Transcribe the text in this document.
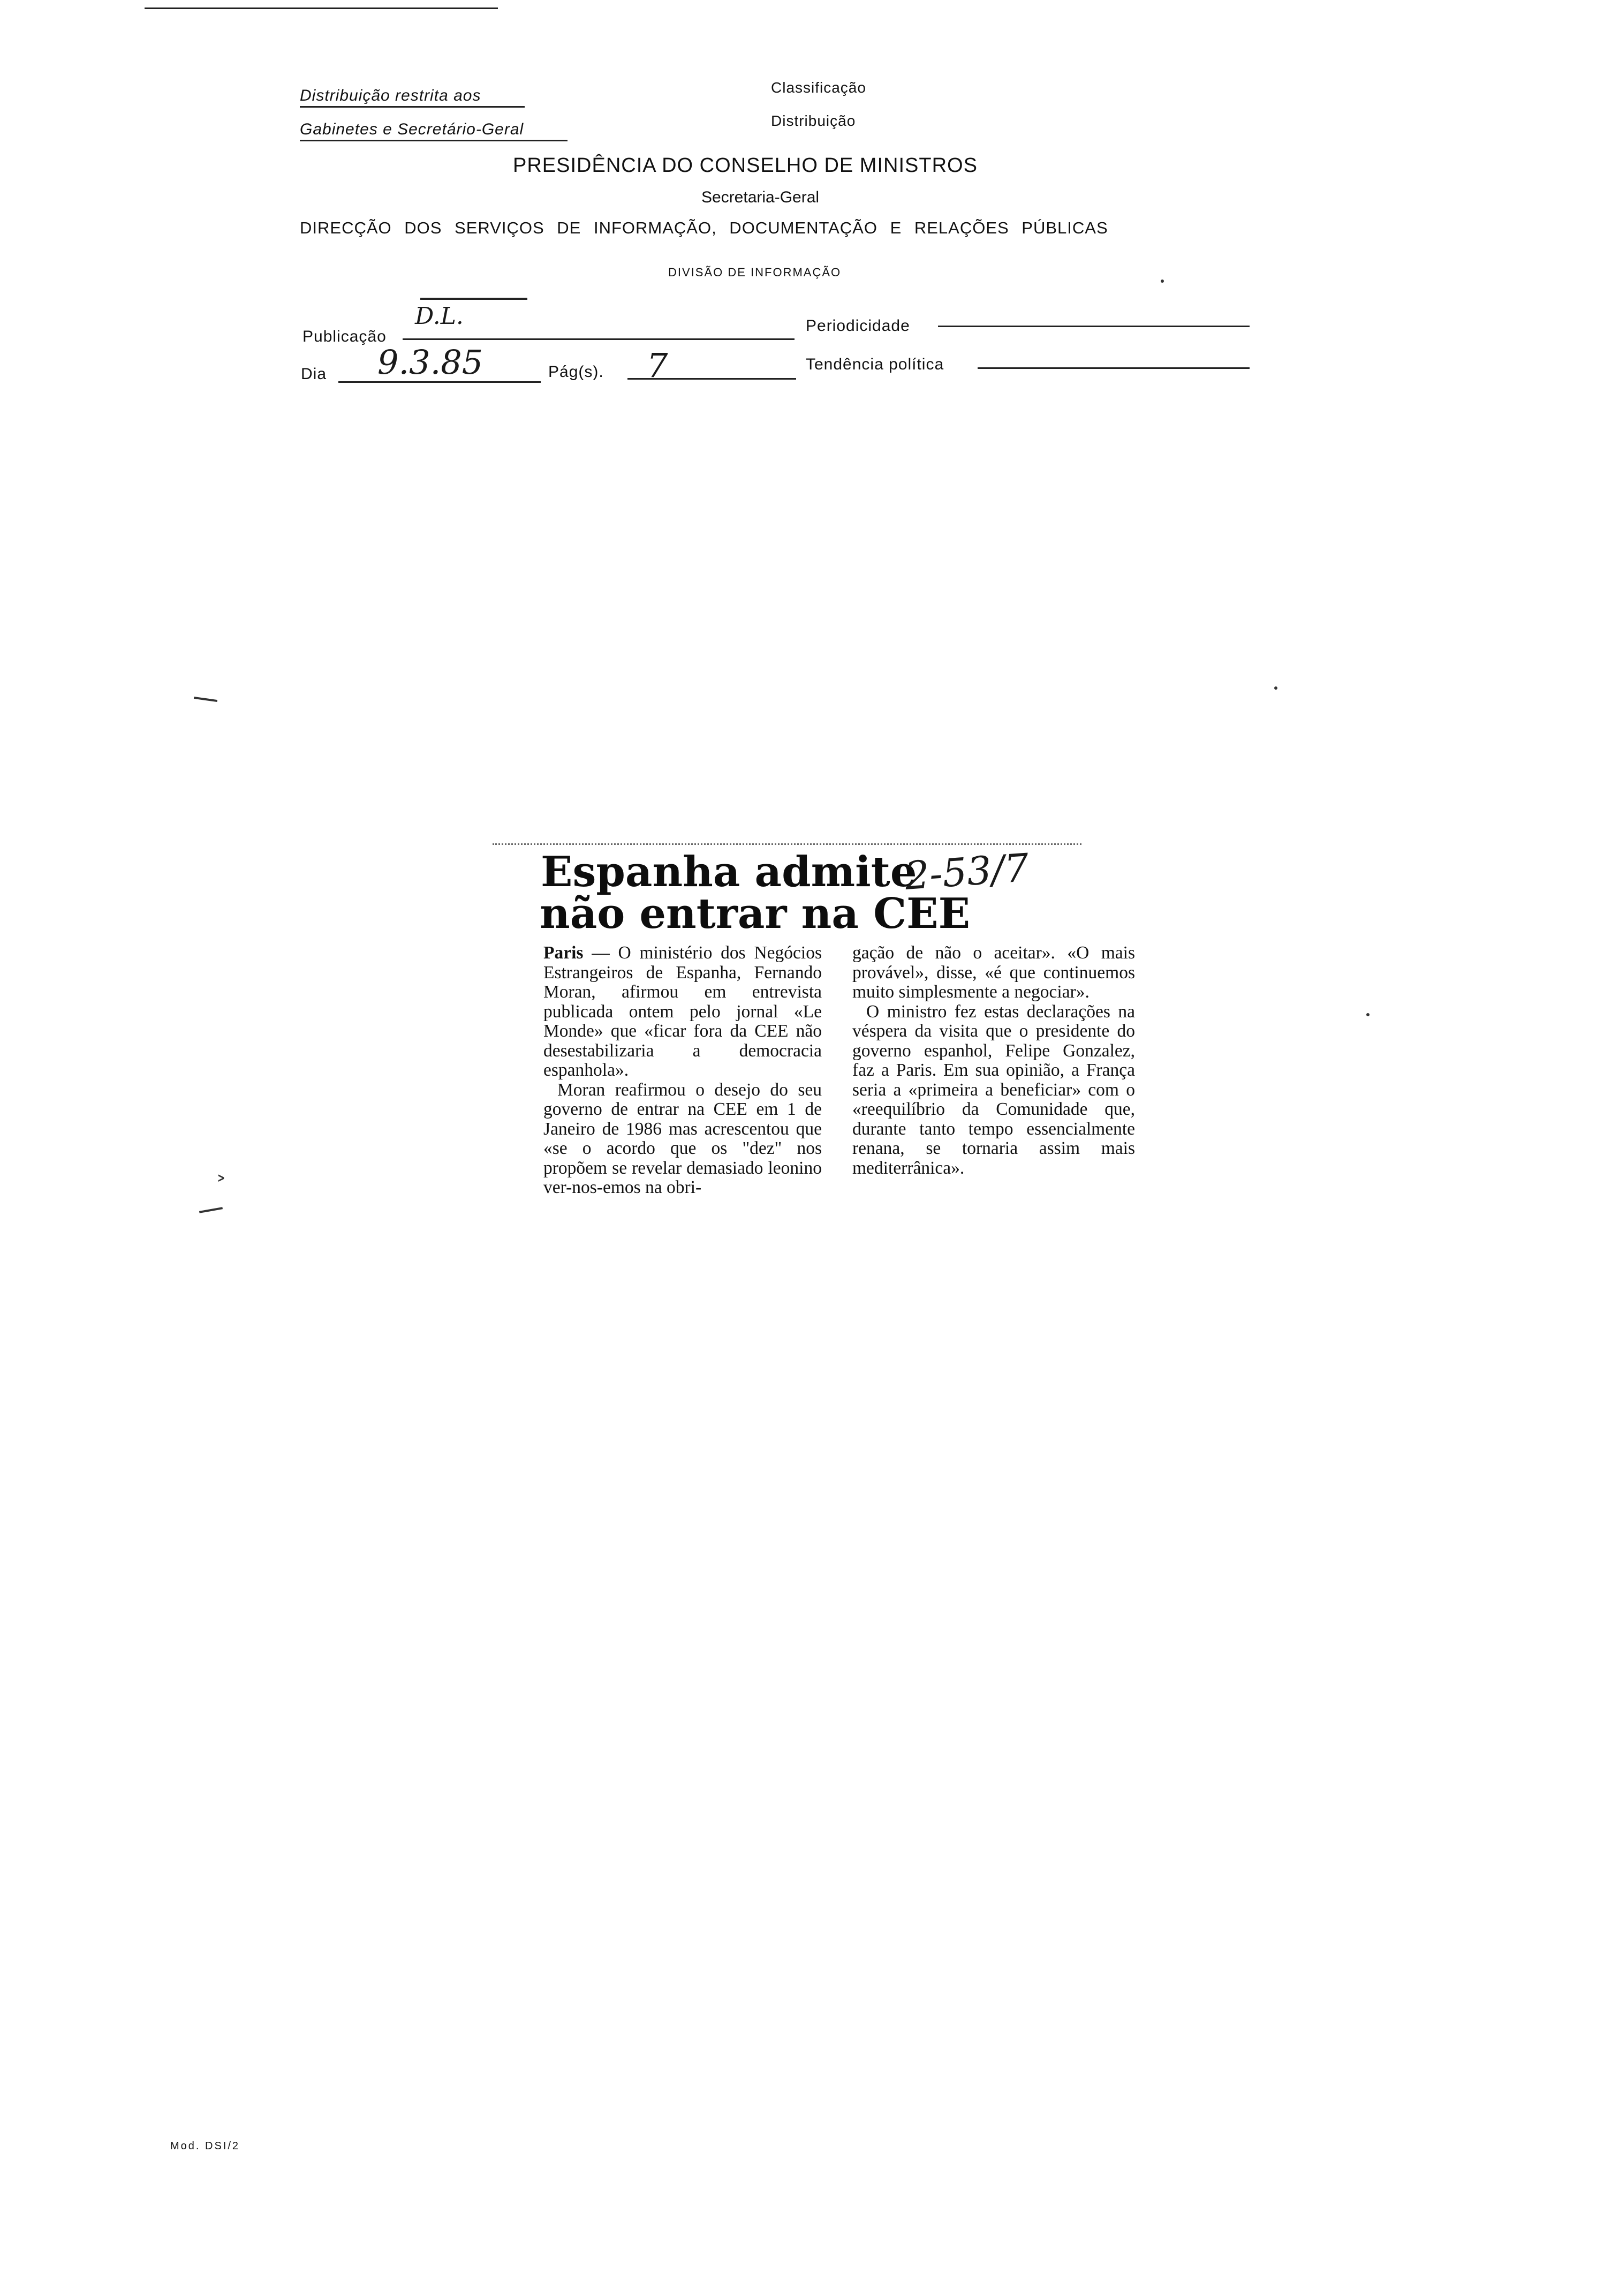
Distribuição restrita aos
Gabinetes e Secretário-Geral
Classificação
Distribuição
PRESIDÊNCIA DO CONSELHO DE MINISTROS
Secretaria-Geral
DIRECÇÃO DOS SERVIÇOS DE INFORMAÇÃO, DOCUMENTAÇÃO E RELAÇÕES PÚBLICAS
DIVISÃO DE INFORMAÇÃO
Publicação
D.L.	Periodicidade
Dia 9.3.85	Pág(s). 7	Tendência política
˃
Espanha admite
não entrar na CEE
2-53/7

Paris — O ministério dos Negócios Estrangeiros de Espanha, Fernando Moran, afirmou em entrevista publicada ontem pelo jornal «Le Monde» que «ficar fora da CEE não desestabilizaria a democracia espanhola».

Moran reafirmou o desejo do seu governo de entrar na CEE em 1 de Janeiro de 1986 mas acrescentou que «se o acordo que os "dez" nos propõem se revelar demasiado leonino ver-nos-emos na obri-

gação de não o aceitar». «O mais provável», disse, «é que continuemos muito simplesmente a negociar».

O ministro fez estas declarações na véspera da visita que o presidente do governo espanhol, Felipe Gonzalez, faz a Paris. Em sua opinião, a França seria a «primeira a beneficiar» com o «reequilíbrio da Comunidade que, durante tanto tempo essencialmente renana, se tornaria assim mais mediterrânica».

Mod. DSI/2
